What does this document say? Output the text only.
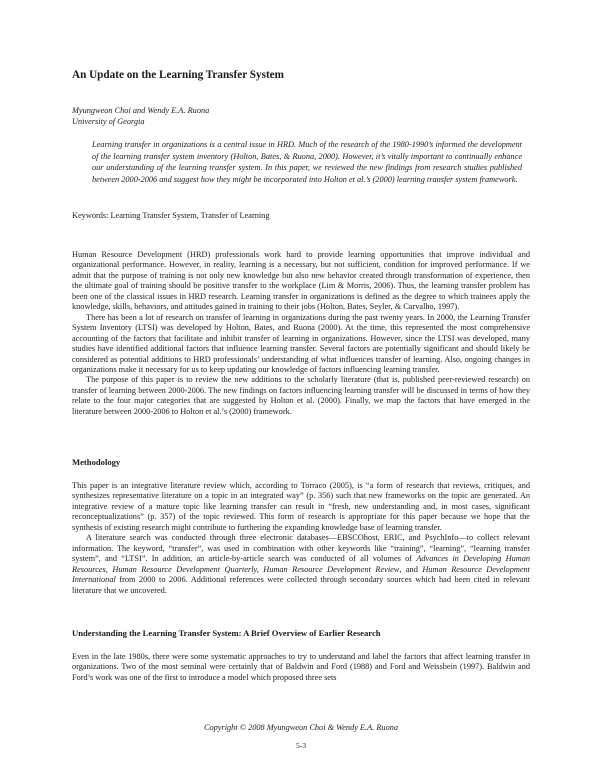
An Update on the Learning Transfer System
Myungweon Choi and Wendy E.A. Ruona
University of Georgia
Learning transfer in organizations is a central issue in HRD. Much of the research of the 1980-1990’s informed the development of the learning transfer system inventory (Holton, Bates, & Ruona, 2000). However, it’s vitally important to continually enhance our understanding of the learning transfer system. In this paper, we reviewed the new findings from research studies published between 2000-2006 and suggest how they might be incorporated into Holton et al.’s (2000) learning transfer system framework.
Keywords: Learning Transfer System, Transfer of Learning

Human Resource Development (HRD) professionals work hard to provide learning opportunities that improve individual and organizational performance. However, in reality, learning is a necessary, but not sufficient, condition for improved performance. If we admit that the purpose of training is not only new knowledge but also new behavior created through transformation of experience, then the ultimate goal of training should be positive transfer to the workplace (Lim & Morris, 2006). Thus, the learning transfer problem has been one of the classical issues in HRD research. Learning transfer in organizations is defined as the degree to which trainees apply the knowledge, skills, behaviors, and attitudes gained in training to their jobs (Holton, Bates, Seyler, & Carvalho, 1997).

There has been a lot of research on transfer of learning in organizations during the past twenty years. In 2000, the Learning Transfer System Inventory (LTSI) was developed by Holton, Bates, and Ruona (2000). At the time, this represented the most comprehensive accounting of the factors that facilitate and inhibit transfer of learning in organizations. However, since the LTSI was developed, many studies have identified additional factors that influence learning transfer. Several factors are potentially significant and should likely be considered as potential additions to HRD professionals’ understanding of what influences transfer of learning. Also, ongoing changes in organizations make it necessary for us to keep updating our knowledge of factors influencing learning transfer.

The purpose of this paper is to review the new additions to the scholarly literature (that is, published peer-reviewed research) on transfer of learning between 2000-2006. The new findings on factors influencing learning transfer will be discussed in terms of how they relate to the four major categories that are suggested by Holton et al. (2000). Finally, we map the factors that have emerged in the literature between 2000-2006 to Holton et al.’s (2000) framework.

Methodology

This paper is an integrative literature review which, according to Torraco (2005), is “a form of research that reviews, critiques, and synthesizes representative literature on a topic in an integrated way” (p. 356) such that new frameworks on the topic are generated. An integrative review of a mature topic like learning transfer can result in “fresh, new understanding and, in most cases, significant reconceptualizations” (p. 357) of the topic reviewed. This form of research is appropriate for this paper because we hope that the synthesis of existing research might contribute to furthering the expanding knowledge base of learning transfer.

A literature search was conducted through three electronic databases—EBSCOhost, ERIC, and PsychInfo—to collect relevant information. The keyword, “transfer”, was used in combination with other keywords like “training”, “learning”, “learning transfer system”, and “LTSI”. In addition, an article-by-article search was conducted of all volumes of Advances in Developing Human Resources, Human Resource Development Quarterly, Human Resource Development Review, and Human Resource Development International from 2000 to 2006. Additional references were collected through secondary sources which had been cited in relevant literature that we uncovered.

Understanding the Learning Transfer System: A Brief Overview of Earlier Research

Even in the late 1980s, there were some systematic approaches to try to understand and label the factors that affect learning transfer in organizations. Two of the most seminal were certainly that of Baldwin and Ford (1988) and Ford and Weissbein (1997). Baldwin and Ford’s work was one of the first to introduce a model which proposed three sets

Copyright © 2008 Myungweon Choi & Wendy E.A. Ruona
5-3
